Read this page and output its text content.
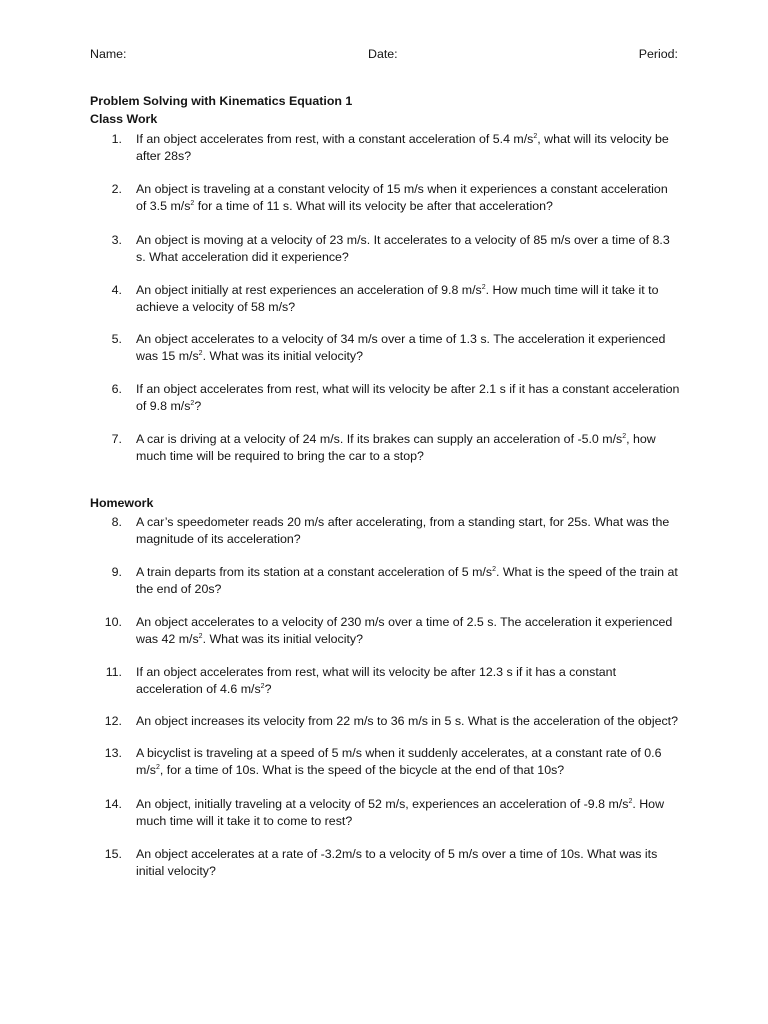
Name:	Date:	Period:
Problem Solving with Kinematics Equation 1
Class Work
1. If an object accelerates from rest, with a constant acceleration of 5.4 $m/s^2$, what will its velocity be after 28s?
2. An object is traveling at a constant velocity of 15 m/s when it experiences a constant acceleration of 3.5 $m/s^2$ for a time of 11 s. What will its velocity be after that acceleration?
3. An object is moving at a velocity of 23 m/s. It accelerates to a velocity of 85 m/s over a time of 8.3 s. What acceleration did it experience?
4. An object initially at rest experiences an acceleration of 9.8 $m/s^2$. How much time will it take it to achieve a velocity of 58 m/s?
5. An object accelerates to a velocity of 34 m/s over a time of 1.3 s. The acceleration it experienced was 15 $m/s^2$. What was its initial velocity?
6. If an object accelerates from rest, what will its velocity be after 2.1 s if it has a constant acceleration of 9.8 $m/s^2$?
7. A car is driving at a velocity of 24 m/s. If its brakes can supply an acceleration of -5.0 $m/s^2$, how much time will be required to bring the car to a stop?
Homework
8. A car’s speedometer reads 20 m/s after accelerating, from a standing start, for 25s. What was the magnitude of its acceleration?
9. A train departs from its station at a constant acceleration of 5 $m/s^2$. What is the speed of the train at the end of 20s?
10. An object accelerates to a velocity of 230 m/s over a time of 2.5 s. The acceleration it experienced was 42 $m/s^2$. What was its initial velocity?
11. If an object accelerates from rest, what will its velocity be after 12.3 s if it has a constant acceleration of 4.6 $m/s^2$?
12. An object increases its velocity from 22 m/s to 36 m/s in 5 s. What is the acceleration of the object?
13. A bicyclist is traveling at a speed of 5 m/s when it suddenly accelerates, at a constant rate of 0.6 $m/s^2$, for a time of 10s. What is the speed of the bicycle at the end of that 10s?
14. An object, initially traveling at a velocity of 52 m/s, experiences an acceleration of -9.8 $m/s^2$. How much time will it take it to come to rest?
15. An object accelerates at a rate of -3.2m/s to a velocity of 5 m/s over a time of 10s. What was its initial velocity?
